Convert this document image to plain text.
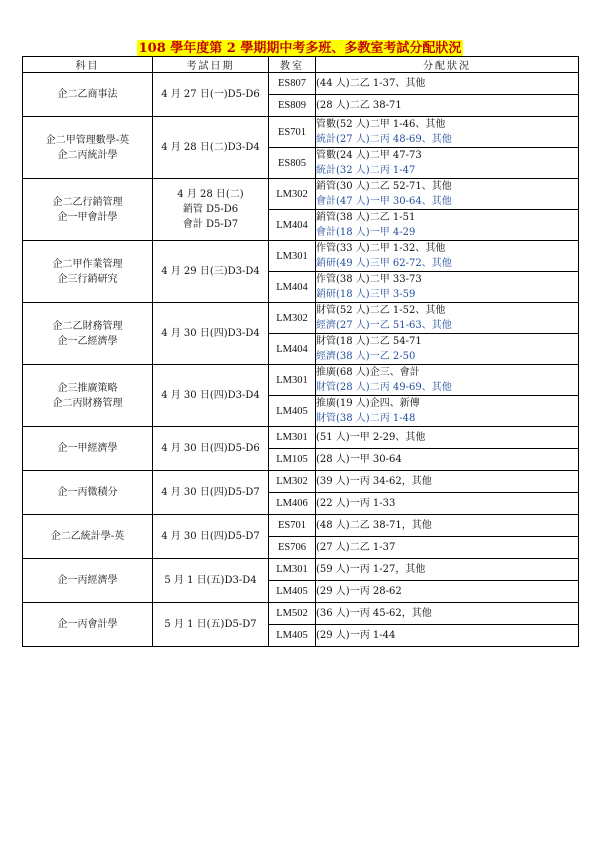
108 學年度第 2 學期期中考多班、多教室考試分配狀況
科目	考試日期	教室	分配狀況

企二乙商事法	4 月 27 日(一)D5-D6	ES807	(44 人)二乙 1-37、其他

		ES809	(28 人)二乙 38-71

企二甲管理數學-英
企二丙統計學	4 月 28 日(二)D3-D4	ES701	管數(52 人)二甲 1-46、其他
統計(27 人)二丙 48-69、其他

		ES805	管數(24 人)二甲 47-73
統計(32 人)二丙 1-47

企二乙行銷管理
企一甲會計學	4 月 28 日(二)
銷管 D5-D6
會計 D5-D7	LM302	銷管(30 人)二乙 52-71、其他
會計(47 人)一甲 30-64、其他

		LM404	銷管(38 人)二乙 1-51
會計(18 人)一甲 4-29

企二甲作業管理
企三行銷研究	4 月 29 日(三)D3-D4	LM301	作管(33 人)二甲 1-32、其他
銷研(49 人)三甲 62-72、其他

		LM404	作管(38 人)二甲 33-73
銷研(18 人)三甲 3-59

企二乙財務管理
企一乙經濟學	4 月 30 日(四)D3-D4	LM302	財管(52 人)二乙 1-52、其他
經濟(27 人)一乙 51-63、其他

		LM404	財管(18 人)二乙 54-71
經濟(38 人)一乙 2-50

企三推廣策略
企二丙財務管理	4 月 30 日(四)D3-D4	LM301	推廣(68 人)企三、會計
財管(28 人)二丙 49-69、其他

		LM405	推廣(19 人)企四、新傳
財管(38 人)二丙 1-48

企一甲經濟學	4 月 30 日(四)D5-D6	LM301	(51 人)一甲 2-29、其他

		LM105	(28 人)一甲 30-64

企一丙微積分	4 月 30 日(四)D5-D7	LM302	(39 人)一丙 34-62，其他

		LM406	(22 人)一丙 1-33

企二乙統計學-英	4 月 30 日(四)D5-D7	ES701	(48 人)二乙 38-71，其他

		ES706	(27 人)二乙 1-37

企一丙經濟學	5 月 1 日(五)D3-D4	LM301	(59 人)一丙 1-27，其他

		LM405	(29 人)一丙 28-62

企一丙會計學	5 月 1 日(五)D5-D7	LM502	(36 人)一丙 45-62，其他

		LM405	(29 人)一丙 1-44
